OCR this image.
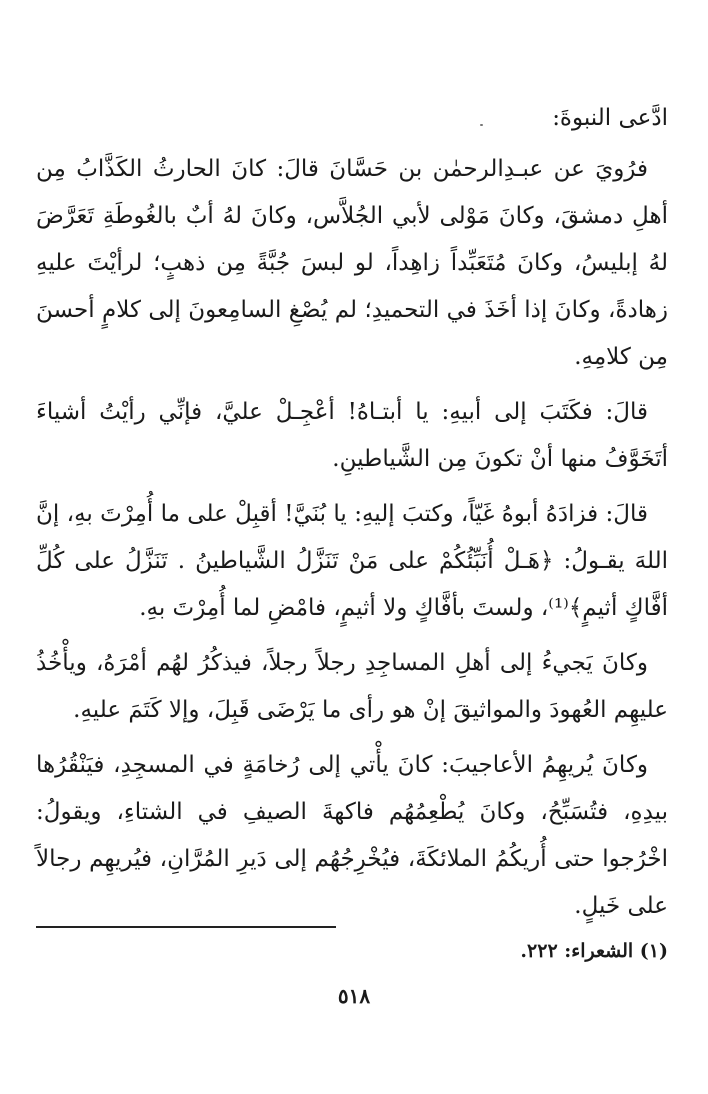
ادَّعى النبوةَ:

فرُويَ عن عبـدِالرحمٰن بن حَسَّانَ قالَ: كانَ الحارثُ الكَذَّابُ مِن أهلِ دمشقَ، وكانَ مَوْلى لأبي الجُلاَّس، وكانَ لهُ أبٌ بالغُوطَةِ تَعَرَّضَ لهُ إبليسُ، وكانَ مُتَعَبِّداً زاهِداً، لو لبسَ جُبَّةً مِن ذهبٍ؛ لرأيْتَ عليهِ زهادةً، وكانَ إذا أخَذَ في التحميدِ؛ لم يُصْغِ السامِعونَ إلى كلامٍ أحسنَ مِن كلامِهِ.

قالَ: فكَتَبَ إلى أبيهِ: يا أبتـاهُ! أعْجِـلْ عليَّ، فإنِّي رأيْتُ أشياءَ أتَخَوَّفُ منها أنْ تكونَ مِن الشَّياطينِ.

قالَ: فزادَهُ أبوهُ غَيّاً، وكتبَ إليهِ: يا بُنَيَّ! أقبِلْ على ما أُمِرْتَ بهِ، إنَّ اللهَ يقـولُ: ﴿هَـلْ أُنَبِّئُكُمْ على مَنْ تَنَزَّلُ الشَّياطينُ . تَنَزَّلُ على كُلِّ أفَّاكٍ أثيمٍ﴾⁽¹⁾، ولستَ بأفَّاكٍ ولا أثيمٍ، فامْضِ لما أُمِرْتَ بهِ.

وكانَ يَجيءُ إلى أهلِ المساجِدِ رجلاً رجلاً، فيذكُرُ لهُم أمْرَهُ، ويأْخُذُ عليهِم العُهودَ والمواثيقَ إنْ هو رأى ما يَرْضَى قَبِلَ، وإلا كَتَمَ عليهِ.

وكانَ يُريهِمُ الأعاجيبَ: كانَ يأْتي إلى رُخامَةٍ في المسجِدِ، فيَنْقُرُها بيدِهِ، فتُسَبِّحُ، وكانَ يُطْعِمُهُم فاكهةَ الصيفِ في الشتاءِ، ويقولُ: اخْرُجوا حتى أُريكُمُ الملائكَةَ، فيُخْرِجُهُم إلى دَيرِ المُرَّانِ، فيُريهِم رجالاً على خَيلٍ.

(١) الشعراء: ٢٢٢.
٥١٨
